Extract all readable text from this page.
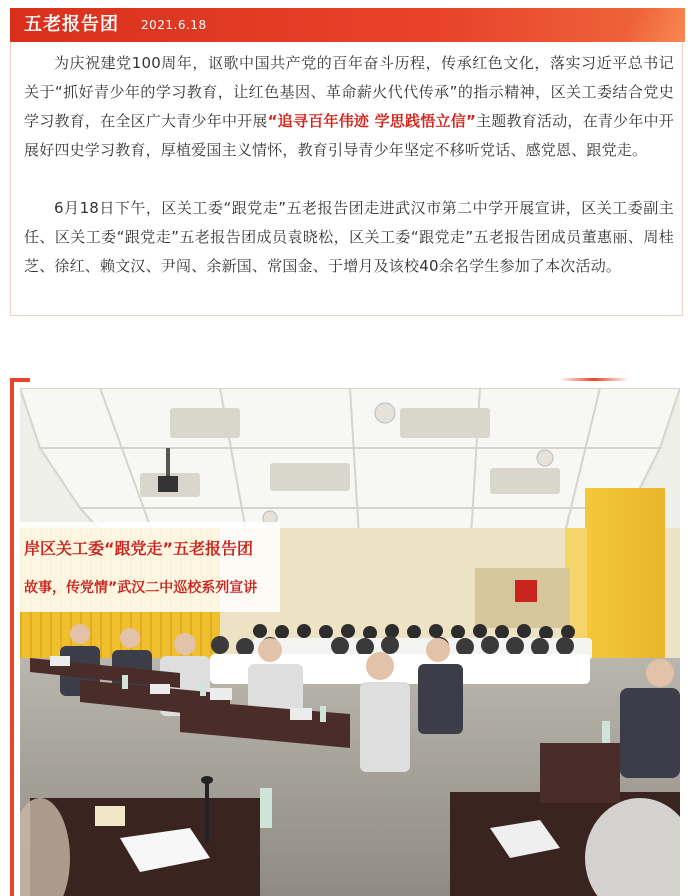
五老报告团 2021.6.18

为庆祝建党100周年，讴歌中国共产党的百年奋斗历程，传承红色文化，落实习近平总书记关于“抓好青少年的学习教育，让红色基因、革命薪火代代传承”的指示精神，区关工委结合党史学习教育，在全区广大青少年中开展“追寻百年伟迹 学思践悟立信”主题教育活动，在青少年中开展好四史学习教育，厚植爱国主义情怀，教育引导青少年坚定不移听党话、感党恩、跟党走。

6月18日下午，区关工委“跟党走”五老报告团走进武汉市第二中学开展宣讲，区关工委副主任、区关工委“跟党走”五老报告团成员袁晓松，区关工委“跟党走”五老报告团成员董惠丽、周桂芝、徐红、赖文汉、尹闯、余新国、常国金、于增月及该校40余名学生参加了本次活动。

岸区关工委“跟党走”五老报告团
故事，传党情”武汉二中巡校系列宣讲
